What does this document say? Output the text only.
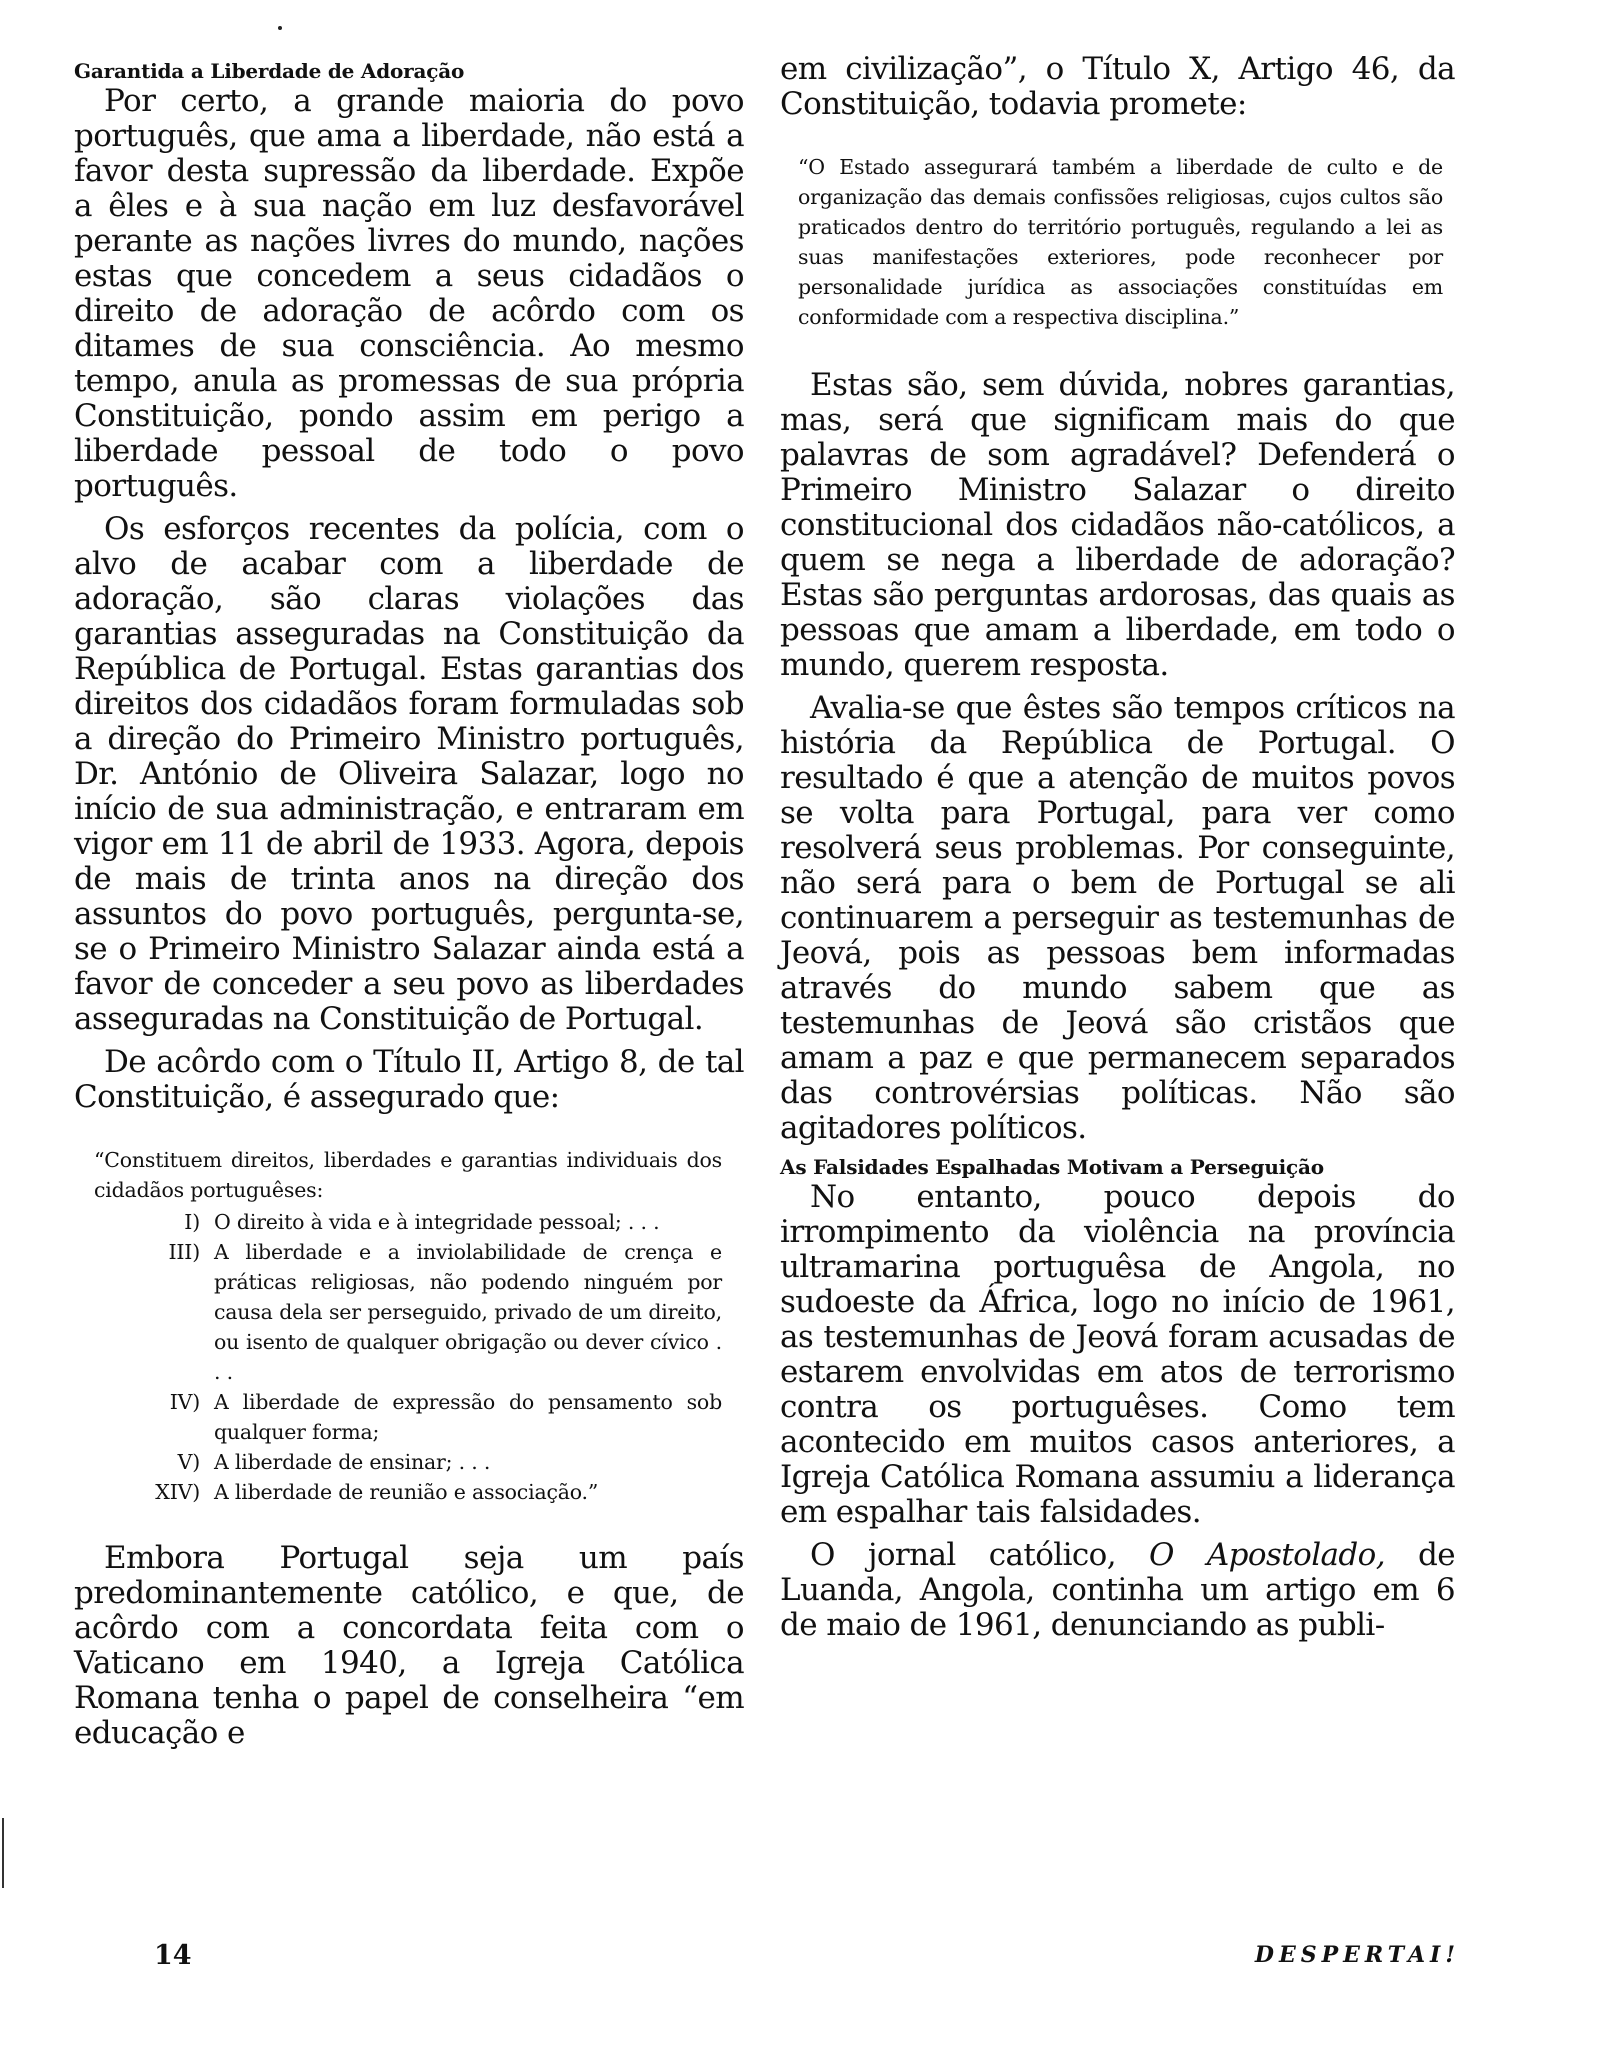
Garantida a Liberdade de Adoração

Por certo, a grande maioria do povo português, que ama a liberdade, não está a favor desta supressão da liberdade. Expõe a êles e à sua nação em luz desfavorável perante as nações livres do mundo, nações estas que concedem a seus cidadãos o direito de adoração de acôrdo com os ditames de sua consciência. Ao mesmo tempo, anula as promessas de sua própria Constituição, pondo assim em perigo a liberdade pessoal de todo o povo português.

Os esforços recentes da polícia, com o alvo de acabar com a liberdade de adoração, são claras violações das garantias asseguradas na Constituição da República de Portugal. Estas garantias dos direitos dos cidadãos foram formuladas sob a direção do Primeiro Ministro português, Dr. António de Oliveira Salazar, logo no início de sua administração, e entraram em vigor em 11 de abril de 1933. Agora, depois de mais de trinta anos na direção dos assuntos do povo português, pergunta-se, se o Primeiro Ministro Salazar ainda está a favor de conceder a seu povo as liberdades asseguradas na Constituição de Portugal.

De acôrdo com o Título II, Artigo 8, de tal Constituição, é assegurado que:

“Constituem direitos, liberdades e garantias individuais dos cidadãos portuguêses:

I) O direito à vida e à integridade pessoal; . . .
III) A liberdade e a inviolabilidade de crença e práticas religiosas, não podendo ninguém por causa dela ser perseguido, privado de um direito, ou isento de qualquer obrigação ou dever cívico . . .
IV) A liberdade de expressão do pensamento sob qualquer forma;
V) A liberdade de ensinar; . . .
XIV) A liberdade de reunião e associação.”

Embora Portugal seja um país predominantemente católico, e que, de acôrdo com a concordata feita com o Vaticano em 1940, a Igreja Católica Romana tenha o papel de conselheira “em educação e

em civilização”, o Título X, Artigo 46, da Constituição, todavia promete:

“O Estado assegurará também a liberdade de culto e de organização das demais confissões religiosas, cujos cultos são praticados dentro do território português, regulando a lei as suas manifestações exteriores, pode reconhecer por personalidade jurídica as associações constituídas em conformidade com a respectiva disciplina.”

Estas são, sem dúvida, nobres garantias, mas, será que significam mais do que palavras de som agradável? Defenderá o Primeiro Ministro Salazar o direito constitucional dos cidadãos não-católicos, a quem se nega a liberdade de adoração? Estas são perguntas ardorosas, das quais as pessoas que amam a liberdade, em todo o mundo, querem resposta.

Avalia-se que êstes são tempos críticos na história da República de Portugal. O resultado é que a atenção de muitos povos se volta para Portugal, para ver como resolverá seus problemas. Por conseguinte, não será para o bem de Portugal se ali continuarem a perseguir as testemunhas de Jeová, pois as pessoas bem informadas através do mundo sabem que as testemunhas de Jeová são cristãos que amam a paz e que permanecem separados das controvérsias políticas. Não são agitadores políticos.

As Falsidades Espalhadas Motivam a Perseguição

No entanto, pouco depois do irrompimento da violência na província ultramarina portuguêsa de Angola, no sudoeste da África, logo no início de 1961, as testemunhas de Jeová foram acusadas de estarem envolvidas em atos de terrorismo contra os portuguêses. Como tem acontecido em muitos casos anteriores, a Igreja Católica Romana assumiu a liderança em espalhar tais falsidades.

O jornal católico, O Apostolado, de Luanda, Angola, continha um artigo em 6 de maio de 1961, denunciando as publi-

14	DESPERTAI!
